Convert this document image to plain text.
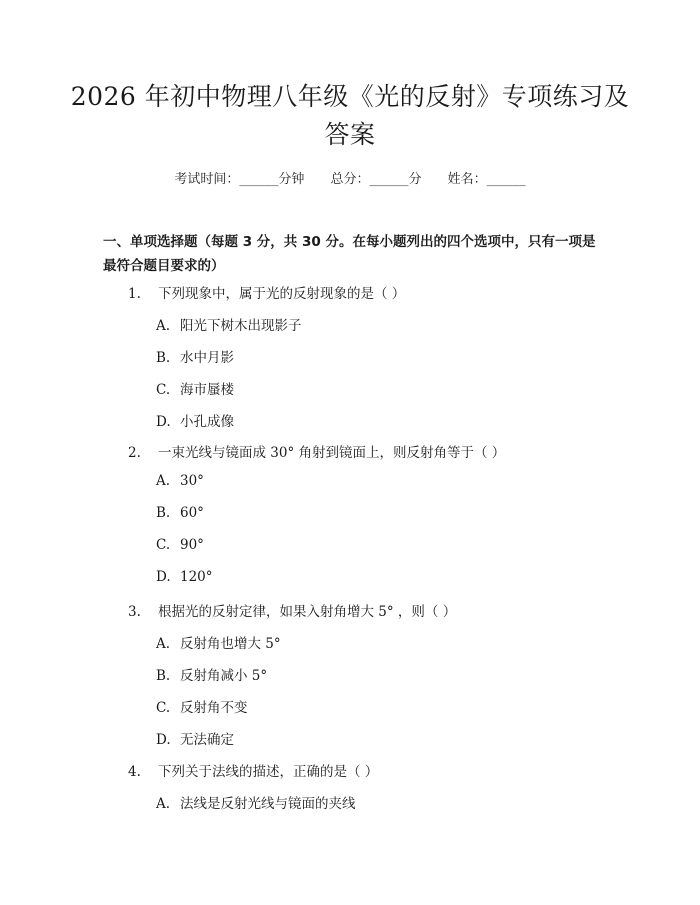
2026 年初中物理八年级《光的反射》专项练习及答案
考试时间：______分钟 总分：______分 姓名：______
一、单项选择题（每题 3 分，共 30 分。在每小题列出的四个选项中，只有一项是最符合题目要求的）
1. 下列现象中，属于光的反射现象的是（ ）
A. 阳光下树木出现影子
B. 水中月影
C. 海市蜃楼
D. 小孔成像
2. 一束光线与镜面成 30° 角射到镜面上，则反射角等于（ ）
A. 30°
B. 60°
C. 90°
D. 120°
3. 根据光的反射定律，如果入射角增大 5° ，则（ ）
A. 反射角也增大 5°
B. 反射角减小 5°
C. 反射角不变
D. 无法确定
4. 下列关于法线的描述，正确的是（ ）
A. 法线是反射光线与镜面的夹线
